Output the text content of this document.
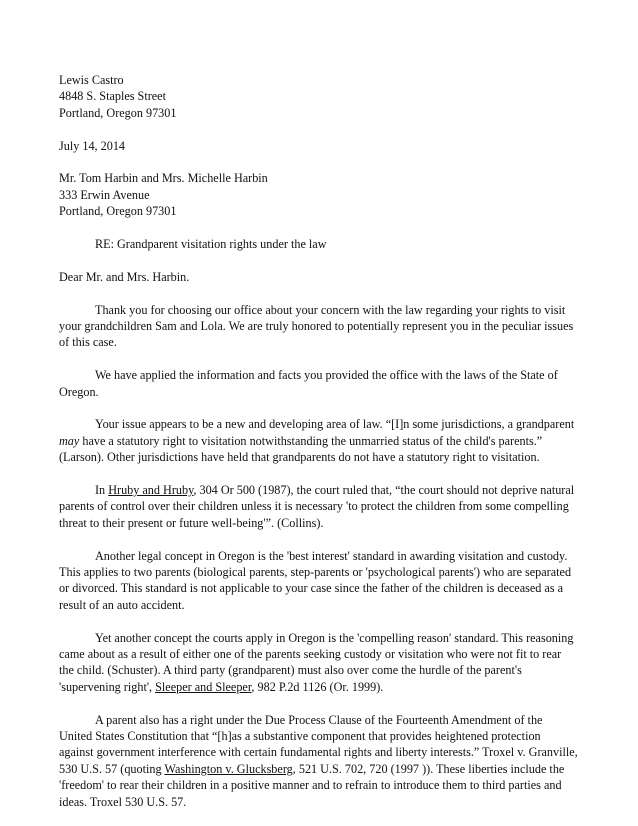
Lewis Castro
4848 S. Staples Street
Portland, Oregon 97301
July 14, 2014
Mr. Tom Harbin and Mrs. Michelle Harbin
333 Erwin Avenue
Portland, Oregon 97301
RE: Grandparent visitation rights under the law
Dear Mr. and Mrs. Harbin.

Thank you for choosing our office about your concern with the law regarding your rights to visit your grandchildren Sam and Lola. We are truly honored to potentially represent you in the peculiar issues of this case.

We have applied the information and facts you provided the office with the laws of the State of Oregon.

Your issue appears to be a new and developing area of law. “[I]n some jurisdictions, a grandparent may have a statutory right to visitation notwithstanding the unmarried status of the child's parents.” (Larson). Other jurisdictions have held that grandparents do not have a statutory right to visitation.

In Hruby and Hruby, 304 Or 500 (1987), the court ruled that, “the court should not deprive natural parents of control over their children unless it is necessary 'to protect the children from some compelling threat to their present or future well-being'”. (Collins).

Another legal concept in Oregon is the 'best interest' standard in awarding visitation and custody. This applies to two parents (biological parents, step-parents or 'psychological parents') who are separated or divorced. This standard is not applicable to your case since the father of the children is deceased as a result of an auto accident.

Yet another concept the courts apply in Oregon is the 'compelling reason' standard. This reasoning came about as a result of either one of the parents seeking custody or visitation who were not fit to rear the child. (Schuster). A third party (grandparent) must also over come the hurdle of the parent's 'supervening right', Sleeper and Sleeper, 982 P.2d 1126 (Or. 1999).

A parent also has a right under the Due Process Clause of the Fourteenth Amendment of the United States Constitution that “[h]as a substantive component that provides heightened protection against government interference with certain fundamental rights and liberty interests.” Troxel v. Granville, 530 U.S. 57 (quoting Washington v. Glucksberg, 521 U.S. 702, 720 (1997 )). These liberties include the 'freedom' to rear their children in a positive manner and to refrain to introduce them to third parties and ideas. Troxel 530 U.S. 57.
